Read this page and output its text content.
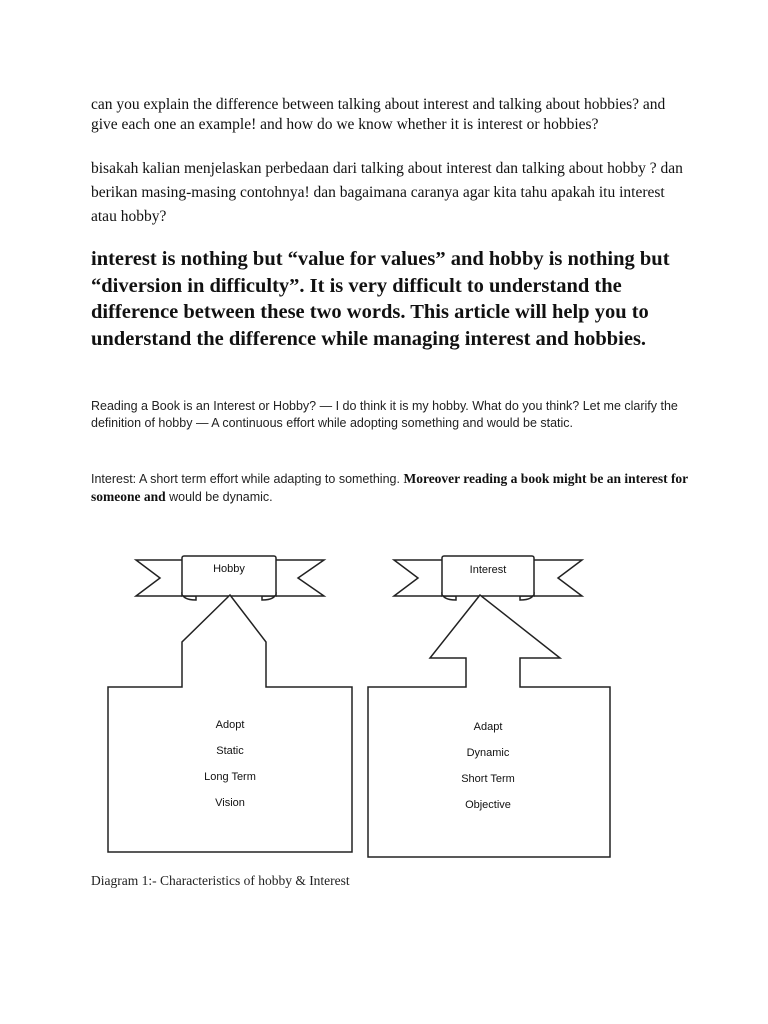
can you explain the difference between talking about interest and talking about hobbies? and give each one an example! and how do we know whether it is interest or hobbies?

bisakah kalian menjelaskan perbedaan dari talking about interest dan talking about hobby ? dan berikan masing-masing contohnya! dan bagaimana caranya agar kita tahu apakah itu interest atau hobby?

interest is nothing but “value for values” and hobby is nothing but “diversion in difficulty”. It is very difficult to understand the difference between these two words. This article will help you to understand the difference while managing interest and hobbies.

Reading a Book is an Interest or Hobby? — I do think it is my hobby. What do you think? Let me clarify the definition of hobby — A continuous effort while adopting something and would be static.

Interest: A short term effort while adapting to something. Moreover reading a book might be an interest for someone and would be dynamic.

Hobby	Interest
Adopt
Static
Long Term
Vision
Adapt
Dynamic
Short Term
Objective

Diagram 1:- Characteristics of hobby & Interest
